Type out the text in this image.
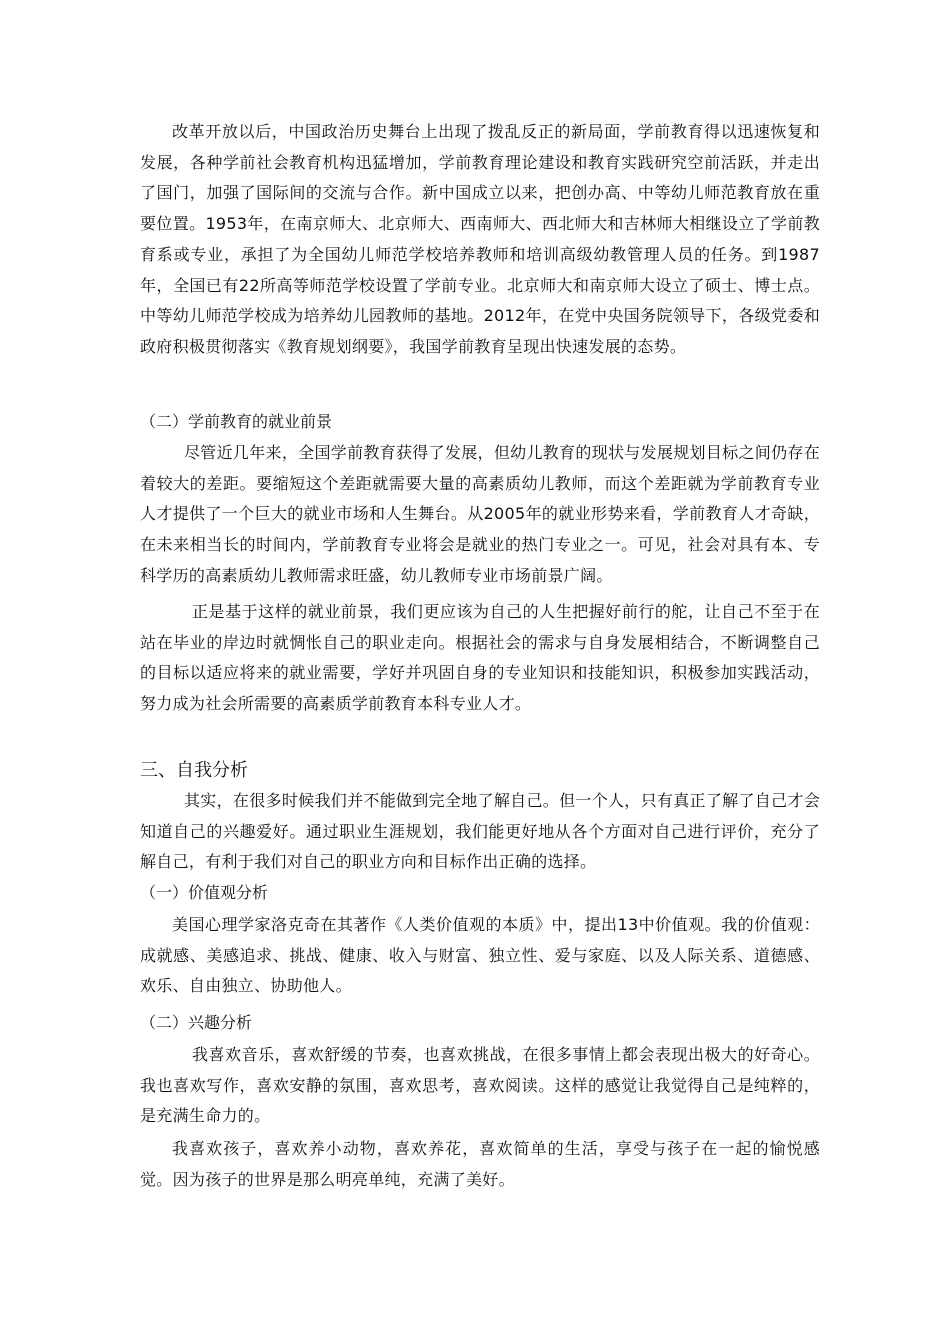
改革开放以后，中国政治历史舞台上出现了拨乱反正的新局面，学前教育得以迅速恢复和发展，各种学前社会教育机构迅猛增加，学前教育理论建设和教育实践研究空前活跃，并走出了国门，加强了国际间的交流与合作。新中国成立以来，把创办高、中等幼儿师范教育放在重要位置。1953年，在南京师大、北京师大、西南师大、西北师大和吉林师大相继设立了学前教育系或专业，承担了为全国幼儿师范学校培养教师和培训高级幼教管理人员的任务。到1987年，全国已有22所高等师范学校设置了学前专业。北京师大和南京师大设立了硕士、博士点。中等幼儿师范学校成为培养幼儿园教师的基地。2012年，在党中央国务院领导下，各级党委和政府积极贯彻落实《教育规划纲要》，我国学前教育呈现出快速发展的态势。

（二）学前教育的就业前景

尽管近几年来，全国学前教育获得了发展，但幼儿教育的现状与发展规划目标之间仍存在着较大的差距。要缩短这个差距就需要大量的高素质幼儿教师，而这个差距就为学前教育专业人才提供了一个巨大的就业市场和人生舞台。从2005年的就业形势来看，学前教育人才奇缺，在未来相当长的时间内，学前教育专业将会是就业的热门专业之一。可见，社会对具有本、专科学历的高素质幼儿教师需求旺盛，幼儿教师专业市场前景广阔。

正是基于这样的就业前景，我们更应该为自己的人生把握好前行的舵，让自己不至于在站在毕业的岸边时就惆怅自己的职业走向。根据社会的需求与自身发展相结合，不断调整自己的目标以适应将来的就业需要，学好并巩固自身的专业知识和技能知识，积极参加实践活动，努力成为社会所需要的高素质学前教育本科专业人才。

三、自我分析

其实，在很多时候我们并不能做到完全地了解自己。但一个人，只有真正了解了自己才会知道自己的兴趣爱好。通过职业生涯规划，我们能更好地从各个方面对自己进行评价，充分了解自己，有利于我们对自己的职业方向和目标作出正确的选择。

（一）价值观分析

美国心理学家洛克奇在其著作《人类价值观的本质》中，提出13中价值观。我的价值观：成就感、美感追求、挑战、健康、收入与财富、独立性、爱与家庭、以及人际关系、道德感、欢乐、自由独立、协助他人。

（二）兴趣分析

我喜欢音乐，喜欢舒缓的节奏，也喜欢挑战，在很多事情上都会表现出极大的好奇心。我也喜欢写作，喜欢安静的氛围，喜欢思考，喜欢阅读。这样的感觉让我觉得自己是纯粹的，是充满生命力的。

我喜欢孩子，喜欢养小动物，喜欢养花，喜欢简单的生活，享受与孩子在一起的愉悦感觉。因为孩子的世界是那么明亮单纯，充满了美好。
